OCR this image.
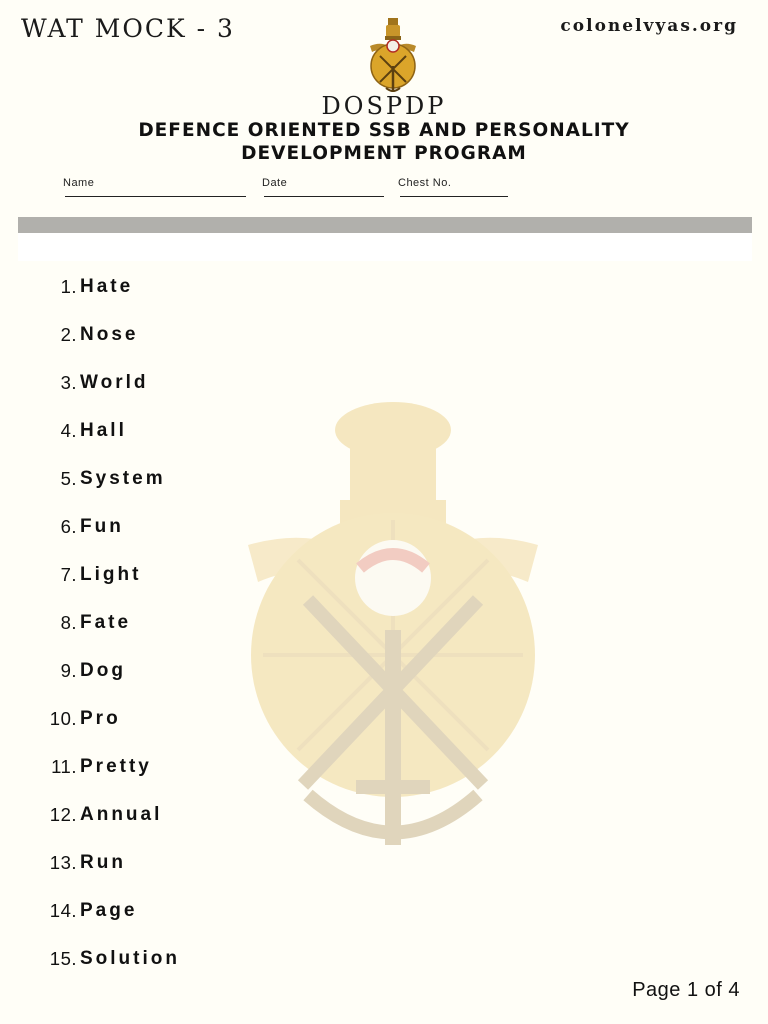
WAT MOCK - 3	colonelvyas.org
DOSPDP
DEFENCE ORIENTED SSB AND PERSONALITY
DEVELOPMENT PROGRAM
Name	Date	Chest No.
1. Hate
2. Nose
3. World
4. Hall
5. System
6. Fun
7. Light
8. Fate
9. Dog
10. Pro
11. Pretty
12. Annual
13. Run
14. Page
15. Solution
Page 1 of 4
